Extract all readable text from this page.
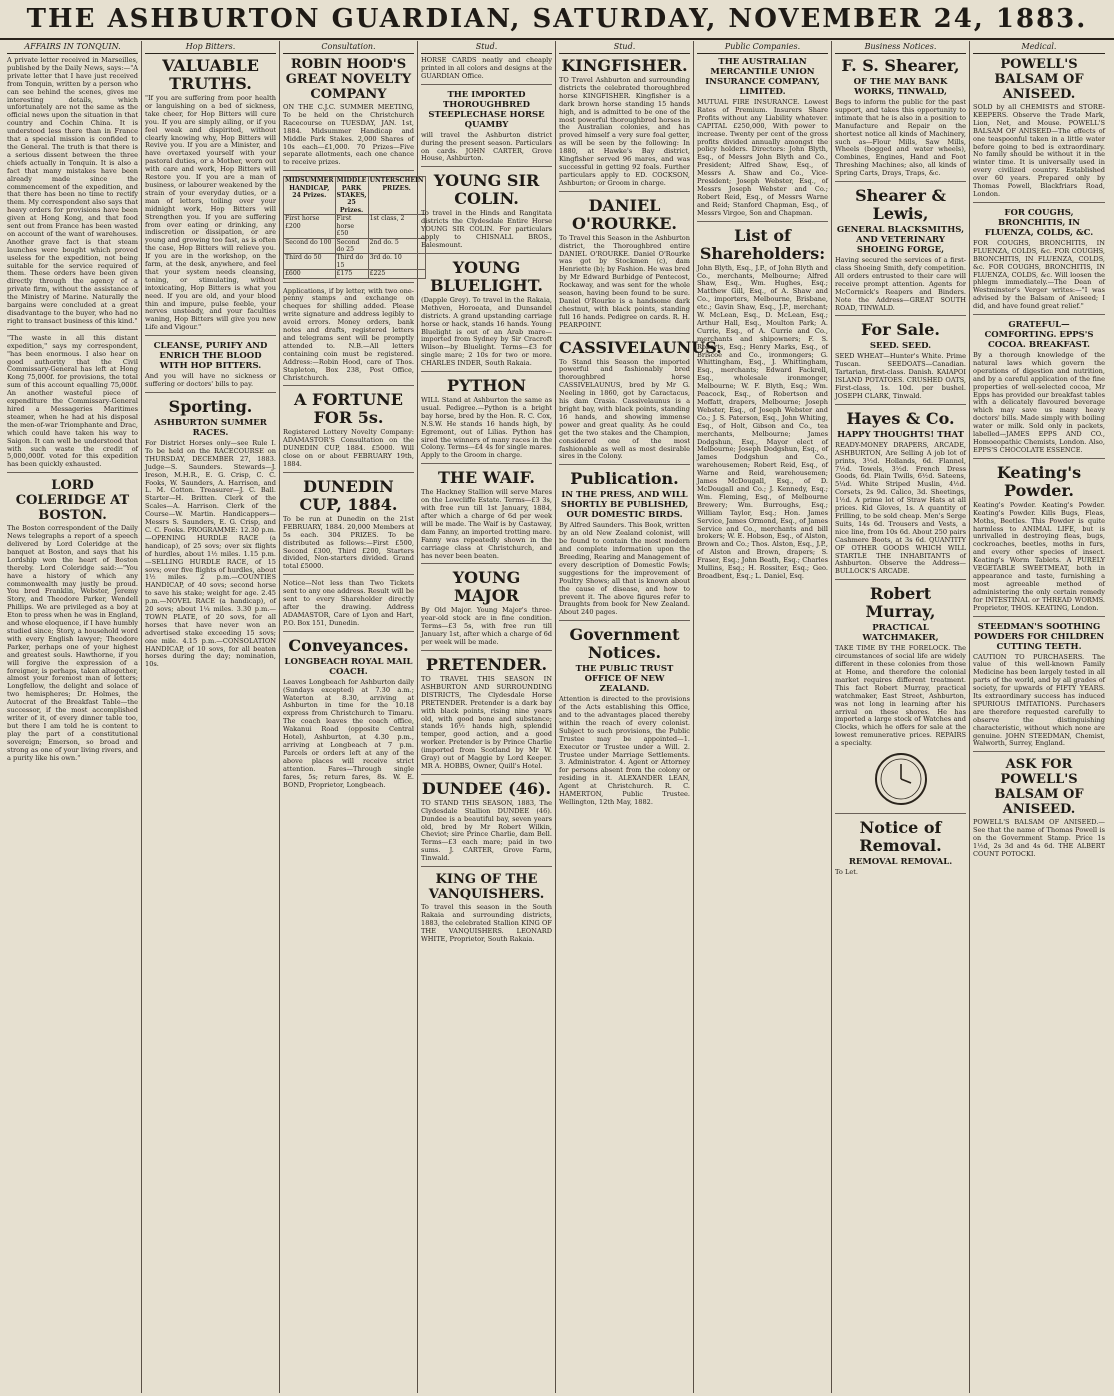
THE ASHBURTON GUARDIAN, SATURDAY, NOVEMBER 24, 1883.
AFFAIRS IN TONQUIN.

A private letter received in Marseilles, published by the Daily News, says:—"A private letter that I have just received from Tonquin, written by a person who can see behind the scenes, gives me interesting details, which unfortunately are not the same as the official news upon the situation in that country and Cochin China. It is understood less there than in France that a special mission is confided to the General. The truth is that there is a serious dissent between the three chiefs actually in Tonquin. It is also a fact that many mistakes have been already made since the commencement of the expedition, and that there has been no time to rectify them. My correspondent also says that heavy orders for provisions have been given at Hong Kong, and that food sent out from France has been wasted on account of the want of warehouses. Another grave fact is that steam launches were bought which proved useless for the expedition, not being suitable for the service required of them. These orders have been given directly through the agency of a private firm, without the assistance of the Ministry of Marine. Naturally the bargains were concluded at a great disadvantage to the buyer, who had no right to transact business of this kind."

"The waste in all this distant expedition," says my correspondent, "has been enormous. I also hear on good authority that the Civil Commissary-General has left at Hong Kong 75,000f. for provisions, the total sum of this account equalling 75,000f. An another wasteful piece of expenditure the Commissary-General hired a Messageries Maritimes steamer, when he had at his disposal the men-of-war Triomphante and Drac, which could have taken his way to Saigon. It can well be understood that with such waste the credit of 5,000,000f. voted for this expedition has been quickly exhausted.

LORD COLERIDGE AT BOSTON.

The Boston correspondent of the Daily News telegraphs a report of a speech delivered by Lord Coleridge at the banquet at Boston, and says that his Lordship won the heart of Boston thereby. Lord Coleridge said:—"You have a history of which any commonwealth may justly be proud. You bred Franklin, Webster, Jeremy Story, and Theodore Parker, Wendell Phillips. We are privileged as a boy at Eton to press when he was in England, and whose eloquence, if I have humbly studied since; Story, a household word with every English lawyer; Theodore Parker, perhaps one of your highest and greatest souls. Hawthorne, if you will forgive the expression of a foreigner, is perhaps, taken altogether, almost your foremost man of letters; Longfellow, the delight and solace of two hemispheres; Dr. Holmes, the Autocrat of the Breakfast Table—the successor, if the most accomplished writer of it, of every dinner table too, but there I am told he is content to play the part of a constitutional sovereign; Emerson, so broad and strong as one of your living rivers, and a purity like his own."

Hop Bitters.
VALUABLE TRUTHS.

"If you are suffering from poor health or languishing on a bed of sickness, take cheer, for Hop Bitters will cure you. If you are simply ailing, or if you feel weak and dispirited, without clearly knowing why, Hop Bitters will Revive you. If you are a Minister, and have overtaxed yourself with your pastoral duties, or a Mother, worn out with care and work, Hop Bitters will Restore you. If you are a man of business, or labourer weakened by the strain of your everyday duties, or a man of letters, toiling over your midnight work, Hop Bitters will Strengthen you. If you are suffering from over eating or drinking, any indiscretion or dissipation, or are young and growing too fast, as is often the case, Hop Bitters will relieve you. If you are in the workshop, on the farm, at the desk, anywhere, and feel that your system needs cleansing, toning, or stimulating, without intoxicating, Hop Bitters is what you need. If you are old, and your blood thin and impure, pulse feeble, your nerves unsteady, and your faculties waning, Hop Bitters will give you new Life and Vigour."

CLEANSE, PURIFY AND ENRICH THE BLOOD WITH HOP BITTERS.

And you will have no sickness or suffering or doctors' bills to pay.

Sporting.
ASHBURTON SUMMER RACES.

For District Horses only—see Rule I. To be held on the RACECOURSE on THURSDAY, DECEMBER 27, 1883. Judge—S. Saunders. Stewards—J. Ireson, M.H.R., E. G. Crisp, C. C. Fooks, W. Saunders, A. Harrison, and L. M. Cotton. Treasurer—J. C. Ball. Starter—H. Britten. Clerk of the Scales—A. Harrison. Clerk of the Course—W. Martin. Handicappers—Messrs S. Saunders, E. G. Crisp, and C. C. Fooks. PROGRAMME: 12.30 p.m.—OPENING HURDLE RACE (a handicap), of 25 sovs; over six flights of hurdles, about 1½ miles. 1.15 p.m.—SELLING HURDLE RACE, of 15 sovs; over five flights of hurdles, about 1½ miles. 2 p.m.—COUNTIES HANDICAP, of 40 sovs; second horse to save his stake; weight for age. 2.45 p.m.—NOVEL RACE (a handicap), of 20 sovs; about 1¼ miles. 3.30 p.m.—TOWN PLATE, of 20 sovs, for all horses that have never won an advertised stake exceeding 15 sovs; one mile. 4.15 p.m.—CONSOLATION HANDICAP, of 10 sovs, for all beaten horses during the day; nomination, 10s.

Consultation.
ROBIN HOOD'S GREAT NOVELTY COMPANY

ON THE C.J.C. SUMMER MEETING, To be held on the Christchurch Racecourse on TUESDAY, JAN. 1st, 1884. Midsummer Handicap and Middle Park Stakes. 2,000 Shares of 10s each—£1,000. 70 Prizes—Five separate allotments, each one chance to receive prizes.

MIDSUMMER HANDICAP, 24 Prizes.	MIDDLE PARK STAKES, 25 Prizes.	UNTERSCHEIN PRIZES.
First horse £200	First horse £50	1st class, 2
Second do 100	Second do 25	2nd do. 5
Third do 50	Third do 15	3rd do. 10
£600	£175	£225

Applications, if by letter, with two one-penny stamps and exchange on cheques for shilling added. Please write signature and address legibly to avoid errors. Money orders, bank notes and drafts, registered letters and telegrams sent will be promptly attended to. N.B.—All letters containing coin must be registered. Address:—Robin Hood, care of Thos. Stapleton, Box 238, Post Office, Christchurch.

A FORTUNE FOR 5s.

Registered Lottery Novelty Company: ADAMASTOR'S Consultation on the DUNEDIN CUP, 1884. £5000. Will close on or about FEBRUARY 19th, 1884.

DUNEDIN CUP, 1884.

To be run at Dunedin on the 21st FEBRUARY, 1884. 20,000 Members at 5s each. 304 PRIZES. To be distributed as follows:—First £500, Second £300, Third £200, Starters divided, Non-starters divided. Grand total £5000.

Notice—Not less than Two Tickets sent to any one address. Result will be sent to every Shareholder directly after the drawing. Address ADAMASTOR, Care of Lyon and Hart, P.O. Box 151, Dunedin.

Conveyances.
LONGBEACH ROYAL MAIL COACH.

Leaves Longbeach for Ashburton daily (Sundays excepted) at 7.30 a.m.; Waterton at 8.30, arriving at Ashburton in time for the 10.18 express from Christchurch to Timaru. The coach leaves the coach office, Wakanui Road (opposite Central Hotel), Ashburton, at 4.30 p.m., arriving at Longbeach at 7 p.m. Parcels or orders left at any of the above places will receive strict attention. Fares—Through single fares, 5s; return fares, 8s. W. E. BOND, Proprietor, Longbeach.

Stud.

HORSE CARDS neatly and cheaply printed in all colors and designs at the GUARDIAN Office.

THE IMPORTED THOROUGHBRED STEEPLECHASE HORSE QUAMBY

will travel the Ashburton district during the present season. Particulars on cards. JOHN CARTER, Grove House, Ashburton.

YOUNG SIR COLIN.

To travel in the Hinds and Rangitata districts the Clydesdale Entire Horse YOUNG SIR COLIN. For particulars apply to CHISNALL BROS., Ealesmount.

YOUNG BLUELIGHT.

(Dapple Grey). To travel in the Rakaia, Methven, Horoeata, and Dunsandel districts. A grand upstanding carriage horse or hack, stands 16 hands. Young Bluelight is out of an Arab mare—imported from Sydney by Sir Cracroft Wilson—by Bluelight. Terms—£3 for single mare; 2 10s for two or more. CHARLES INDER, South Rakaia.

PYTHON

WILL Stand at Ashburton the same as usual. Pedigree.—Python is a bright bay horse, bred by the Hon. R. C. Cox, N.S.W. He stands 16 hands high, by Egremont, out of Lilias. Python has sired the winners of many races in the Colony. Terms—£4 4s for single mares. Apply to the Groom in charge.

THE WAIF.

The Hackney Stallion will serve Mares on the Lowcliffe Estate. Terms—£3 3s, with free run till 1st January, 1884, after which a charge of 6d per week will be made. The Waif is by Castaway, dam Fanny, an imported trotting mare. Fanny was repeatedly shown in the carriage class at Christchurch, and has never been beaten.

YOUNG MAJOR

By Old Major. Young Major's three-year-old stock are in fine condition. Terms—£3 5s, with free run till January 1st, after which a charge of 6d per week will be made.

PRETENDER.

TO TRAVEL THIS SEASON IN ASHBURTON AND SURROUNDING DISTRICTS, The Clydesdale Horse PRETENDER. Pretender is a dark bay with black points, rising nine years old, with good bone and substance; stands 16½ hands high, splendid temper, good action, and a good worker. Pretender is by Prince Charlie (imported from Scotland by Mr W. Gray) out of Maggie by Lord Keeper. MR A. HOBBS, Owner, Quill's Hotel.

DUNDEE (46).

TO STAND THIS SEASON, 1883, The Clydesdale Stallion DUNDEE (46). Dundee is a beautiful bay, seven years old, bred by Mr Robert Wilkin, Cheviot; sire Prince Charlie, dam Bell. Terms—£3 each mare; paid in two sums. J. CARTER, Grove Farm, Tinwald.

KING OF THE VANQUISHERS.

To travel this season in the South Rakaia and surrounding districts, 1883, the celebrated Stallion KING OF THE VANQUISHERS. LEONARD WHITE, Proprietor, South Rakaia.

Stud.
KINGFISHER.

TO Travel Ashburton and surrounding districts the celebrated thoroughbred horse KINGFISHER. Kingfisher is a dark brown horse standing 15 hands high, and is admitted to be one of the most powerful thoroughbred horses in the Australian colonies, and has proved himself a very sure foal getter, as will be seen by the following: In 1880, at Hawke's Bay district, Kingfisher served 96 mares, and was successful in getting 92 foals. Further particulars apply to ED. COCKSON, Ashburton; or Groom in charge.

DANIEL O'ROURKE.

To Travel this Season in the Ashburton district, the Thoroughbred entire DANIEL O'ROURKE. Daniel O'Rourke was got by Stockmen (c), dam Henriette (b); by Fashion. He was bred by Mr Edward Burbidge of Pentecost, Rockaway, and was sent for the whole season, having been found to be sure. Daniel O'Rourke is a handsome dark chestnut, with black points, standing full 16 hands. Pedigree on cards. R. H. PEARPOINT.

CASSIVELAUNUS.

To Stand this Season the imported powerful and fashionably bred thoroughbred horse CASSIVELAUNUS, bred by Mr G. Neeling in 1860, got by Caractacus, his dam Crasia. Cassivelaunus is a bright bay, with black points, standing 16 hands, and showing immense power and great quality. As he could get the two stakes and the Champion, considered one of the most fashionable as well as most desirable sires in the Colony.

Publication.
IN THE PRESS, AND WILL SHORTLY BE PUBLISHED, OUR DOMESTIC BIRDS.

By Alfred Saunders. This Book, written by an old New Zealand colonist, will be found to contain the most modern and complete information upon the Breeding, Rearing and Management of every description of Domestic Fowls; suggestions for the improvement of Poultry Shows; all that is known about the cause of disease, and how to prevent it. The above figures refer to Draughts from book for New Zealand. About 240 pages.

Government Notices.
THE PUBLIC TRUST OFFICE OF NEW ZEALAND.

Attention is directed to the provisions of the Acts establishing this Office, and to the advantages placed thereby within the reach of every colonist. Subject to such provisions, the Public Trustee may be appointed—1. Executor or Trustee under a Will. 2. Trustee under Marriage Settlements. 3. Administrator. 4. Agent or Attorney for persons absent from the colony or residing in it. ALEXANDER LEAN, Agent at Christchurch. R. C. HAMERTON, Public Trustee. Wellington, 12th May, 1882.

Public Companies.
THE AUSTRALIAN MERCANTILE UNION INSURANCE COMPANY, LIMITED.

MUTUAL FIRE INSURANCE. Lowest Rates of Premium. Insurers Share Profits without any Liability whatever. CAPITAL £250,000, With power to increase. Twenty per cent of the gross profits divided annually amongst the policy holders. Directors: John Blyth, Esq., of Messrs John Blyth and Co., President; Alfred Shaw, Esq., of Messrs A. Shaw and Co., Vice-President; Joseph Webster, Esq., of Messrs Joseph Webster and Co.; Robert Reid, Esq., of Messrs Warne and Reid; Stanford Chapman, Esq., of Messrs Virgoe, Son and Chapman.

List of Shareholders:

John Blyth, Esq., J.P., of John Blyth and Co., merchants, Melbourne; Alfred Shaw, Esq., Wm. Hughes, Esq.; Matthew Gill, Esq., of A. Shaw and Co., importers, Melbourne, Brisbane, etc.; Gavin Shaw, Esq., J.P., merchant; W. McLean, Esq., D. McLean, Esq.; Arthur Hall, Esq., Moulton Park; A. Currie, Esq., of A. Currie and Co., merchants and shipowners; F. S. Roberts, Esq.; Henry Marks, Esq., of Briscoe and Co., ironmongers; G. Whittingham, Esq., J. Whittingham, Esq., merchants; Edward Fackrell, Esq., wholesale ironmonger, Melbourne; W. F. Blyth, Esq.; Wm. Peacock, Esq., of Robertson and Moffatt, drapers, Melbourne; Joseph Webster, Esq., of Joseph Webster and Co.; J. S. Paterson, Esq., John Whiting, Esq., of Holt, Gibson and Co., tea merchants, Melbourne; James Dodgshun, Esq., Mayor elect of Melbourne; Joseph Dodgshun, Esq., of James Dodgshun and Co., warehousemen; Robert Reid, Esq., of Warne and Reid, warehousemen; James McDougall, Esq., of D. McDougall and Co.; J. Kennedy, Esq.; Wm. Fleming, Esq., of Melbourne Brewery; Wm. Burroughs, Esq.; William Taylor, Esq.; Hon. James Service, James Ormond, Esq., of James Service and Co., merchants and bill brokers; W. E. Hobson, Esq., of Alston, Brown and Co.; Thos. Alston, Esq., J.P., of Alston and Brown, drapers; S. Fraser, Esq.; John Beath, Esq.; Charles Mullins, Esq.; H. Rossiter, Esq.; Geo. Broadbent, Esq.; L. Daniel, Esq.

Business Notices.
F. S. Shearer,
OF THE MAY BANK WORKS, TINWALD,

Begs to inform the public for the past support, and takes this opportunity to intimate that he is also in a position to Manufacture and Repair on the shortest notice all kinds of Machinery, such as—Flour Mills, Saw Mills, Wheels (bogged and water wheels), Combines, Engines, Hand and Foot Threshing Machines; also, all kinds of Spring Carts, Drays, Traps, &c.

Shearer & Lewis,
GENERAL BLACKSMITHS, AND VETERINARY SHOEING FORGE,

Having secured the services of a first-class Shoeing Smith, defy competition. All orders entrusted to their care will receive prompt attention. Agents for McCormick's Reapers and Binders. Note the Address—GREAT SOUTH ROAD, TINWALD.

For Sale.
SEED. SEED.

SEED WHEAT—Hunter's White. Prime Tuscan. SEEDOATS—Canadian. Tartarian, first-class. Danish. KAIAPOI ISLAND POTATOES. CRUSHED OATS, First-class, 1s. 10d. per bushel. JOSEPH CLARK, Tinwald.

Hayes & Co.
HAPPY THOUGHTS! THAT

READY-MONEY DRAPERS, ARCADE, ASHBURTON, Are Selling A job lot of prints, 3½d. Hollands, 6d. Flannel, 7½d. Towels, 3½d. French Dress Goods, 6d. Plain Twills, 6½d. Sateens, 5¼d. White Striped Muslin, 4½d. Corsets, 2s 9d. Calico, 3d. Sheetings, 1½d. A prime lot of Straw Hats at all prices. Kid Gloves, 1s. A quantity of Frilling, to be sold cheap. Men's Serge Suits, 14s 6d. Trousers and Vests, a nice line, from 10s 6d. About 250 pairs Cashmere Boots, at 3s 6d. QUANTITY OF OTHER GOODS WHICH WILL STARTLE THE INHABITANTS of Ashburton. Observe the Address—BULLOCK'S ARCADE.

Robert Murray,
PRACTICAL WATCHMAKER,

TAKE TIME BY THE FORELOCK. The circumstances of social life are widely different in these colonies from those at Home, and therefore the colonial market requires different treatment. This fact Robert Murray, practical watchmaker, East Street, Ashburton, was not long in learning after his arrival on these shores. He has imported a large stock of Watches and Clocks, which he offers for sale at the lowest remunerative prices. REPAIRS a specialty.

Notice of Removal.
REMOVAL REMOVAL.

To Let.

Medical.
POWELL'S BALSAM OF ANISEED.

SOLD by all CHEMISTS and STORE-KEEPERS. Observe the Trade Mark, Lion, Net, and Mouse. POWELL'S BALSAM OF ANISEED—The effects of one teaspoonful taken in a little water before going to bed is extraordinary. No family should be without it in the winter time. It is universally used in every civilized country. Established over 60 years. Prepared only by Thomas Powell, Blackfriars Road, London.

FOR COUGHS, BRONCHITIS, IN FLUENZA, COLDS, &C.

FOR COUGHS, BRONCHITIS, IN FLUENZA, COLDS, &c. FOR COUGHS, BRONCHITIS, IN FLUENZA, COLDS, &c. FOR COUGHS, BRONCHITIS, IN FLUENZA, COLDS, &c. Will loosen the phlegm immediately.—The Dean of Westminster's Verger writes:—"I was advised by the Balsam of Aniseed; I did, and have found great relief."

GRATEFUL—COMFORTING. EPPS'S COCOA. BREAKFAST.

By a thorough knowledge of the natural laws which govern the operations of digestion and nutrition, and by a careful application of the fine properties of well-selected cocoa, Mr Epps has provided our breakfast tables with a delicately flavoured beverage which may save us many heavy doctors' bills. Made simply with boiling water or milk. Sold only in packets, labelled—JAMES EPPS AND CO., Homoeopathic Chemists, London. Also, EPPS'S CHOCOLATE ESSENCE.

Keating's Powder.

Keating's Powder. Keating's Powder. Keating's Powder. Kills Bugs, Fleas, Moths, Beetles. This Powder is quite harmless to ANIMAL LIFE, but is unrivalled in destroying fleas, bugs, cockroaches, beetles, moths in furs, and every other species of insect. Keating's Worm Tablets. A PURELY VEGETABLE SWEETMEAT, both in appearance and taste, furnishing a most agreeable method of administering the only certain remedy for INTESTINAL or THREAD WORMS. Proprietor, THOS. KEATING, London.

STEEDMAN'S SOOTHING POWDERS FOR CHILDREN CUTTING TEETH.

CAUTION TO PURCHASERS. The value of this well-known Family Medicine has been largely tested in all parts of the world, and by all grades of society, for upwards of FIFTY YEARS. Its extraordinary success has induced SPURIOUS IMITATIONS. Purchasers are therefore requested carefully to observe the distinguishing characteristic, without which none are genuine. JOHN STEEDMAN, Chemist, Walworth, Surrey, England.

ASK FOR POWELL'S BALSAM OF ANISEED.

POWELL'S BALSAM OF ANISEED.—See that the name of Thomas Powell is on the Government Stamp. Price 1s 1½d, 2s 3d and 4s 6d. THE ALBERT COUNT POTOCKI.
